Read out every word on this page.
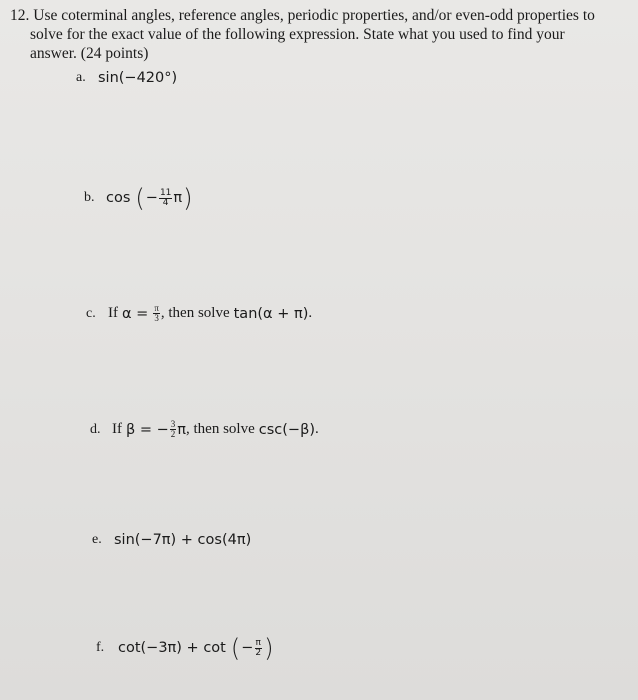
12. Use coterminal angles, reference angles, periodic properties, and/or even-odd properties to
solve for the exact value of the following expression. State what you used to find your
answer. (24 points)
a. sin(−420°)
b. cos ( − $\frac{11}{4}$ π )
c. If $\alpha = \frac{\pi}{3}$ , then solve tan(α + π) .
d. If β = − $\frac{3}{2}$ π , then solve csc(−β) .
e. sin(−7π) + cos(4π)
f. cot(−3π) + cot ( − $\frac{\pi}{2}$ )
